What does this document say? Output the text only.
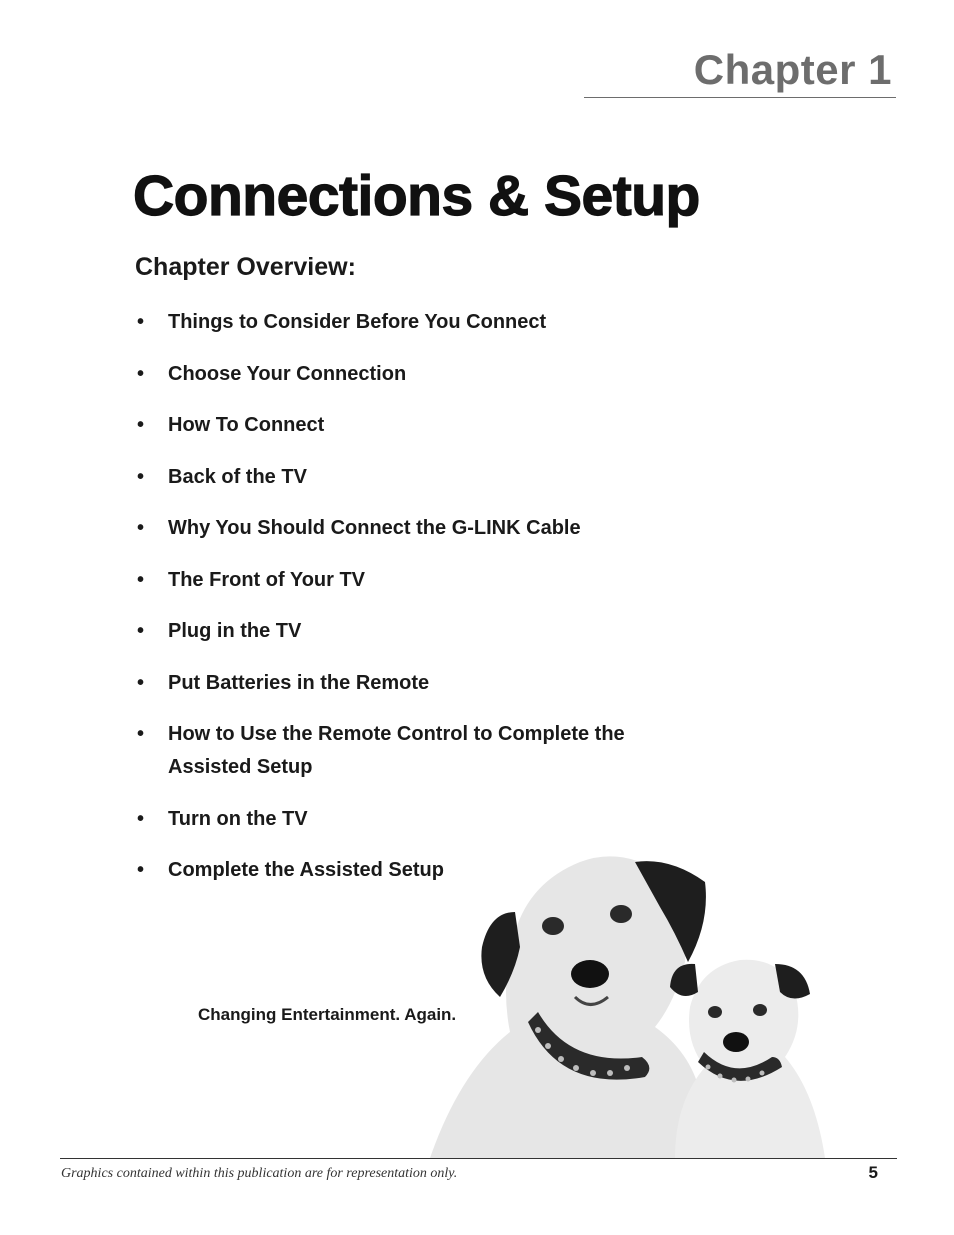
Chapter 1
Connections & Setup
Chapter Overview:
• Things to Consider Before You Connect
• Choose Your Connection
• How To Connect
• Back of the TV
• Why You Should Connect the G-LINK Cable
• The Front of Your TV
• Plug in the TV
• Put Batteries in the Remote
• How to Use the Remote Control to Complete the Assisted Setup
• Turn on the TV
• Complete the Assisted Setup
Changing Entertainment. Again.
Graphics contained within this publication are for representation only.	5
